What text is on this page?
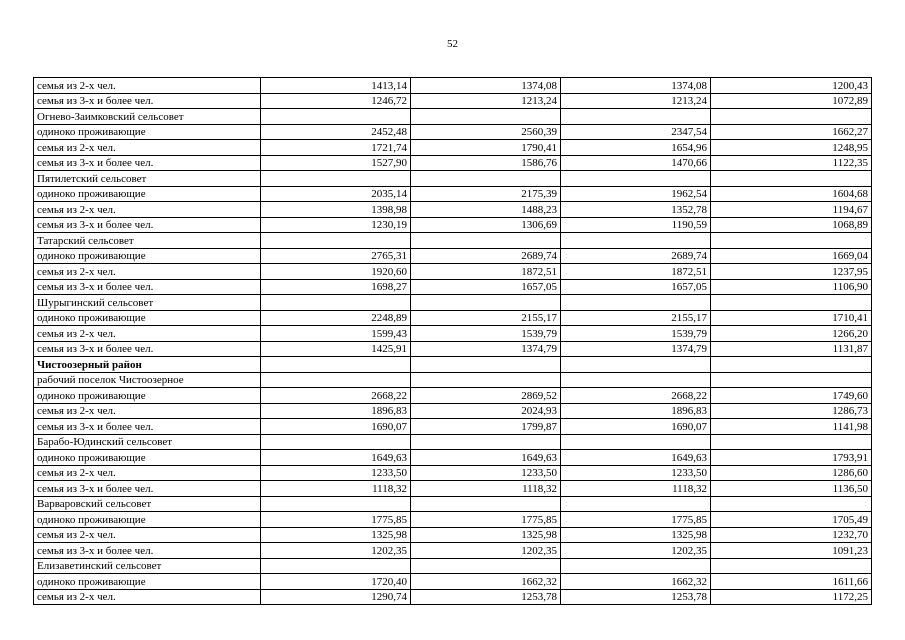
52
семья из 2-х чел.	1413,14	1374,08	1374,08	1200,43
семья из 3-х и более чел.	1246,72	1213,24	1213,24	1072,89
Огнево-Заимковский сельсовет				
одиноко проживающие	2452,48	2560,39	2347,54	1662,27
семья из 2-х чел.	1721,74	1790,41	1654,96	1248,95
семья из 3-х и более чел.	1527,90	1586,76	1470,66	1122,35
Пятилетский сельсовет				
одиноко проживающие	2035,14	2175,39	1962,54	1604,68
семья из 2-х чел.	1398,98	1488,23	1352,78	1194,67
семья из 3-х и более чел.	1230,19	1306,69	1190,59	1068,89
Татарский сельсовет				
одиноко проживающие	2765,31	2689,74	2689,74	1669,04
семья из 2-х чел.	1920,60	1872,51	1872,51	1237,95
семья из 3-х и более чел.	1698,27	1657,05	1657,05	1106,90
Шурыгинский сельсовет				
одиноко проживающие	2248,89	2155,17	2155,17	1710,41
семья из 2-х чел.	1599,43	1539,79	1539,79	1266,20
семья из 3-х и более чел.	1425,91	1374,79	1374,79	1131,87
Чистоозерный район				
рабочий поселок Чистоозерное				
одиноко проживающие	2668,22	2869,52	2668,22	1749,60
семья из 2-х чел.	1896,83	2024,93	1896,83	1286,73
семья из 3-х и более чел.	1690,07	1799,87	1690,07	1141,98
Барабо-Юдинский сельсовет				
одиноко проживающие	1649,63	1649,63	1649,63	1793,91
семья из 2-х чел.	1233,50	1233,50	1233,50	1286,60
семья из 3-х и более чел.	1118,32	1118,32	1118,32	1136,50
Варваровский сельсовет				
одиноко проживающие	1775,85	1775,85	1775,85	1705,49
семья из 2-х чел.	1325,98	1325,98	1325,98	1232,70
семья из 3-х и более чел.	1202,35	1202,35	1202,35	1091,23
Елизаветинский сельсовет				
одиноко проживающие	1720,40	1662,32	1662,32	1611,66
семья из 2-х чел.	1290,74	1253,78	1253,78	1172,25
